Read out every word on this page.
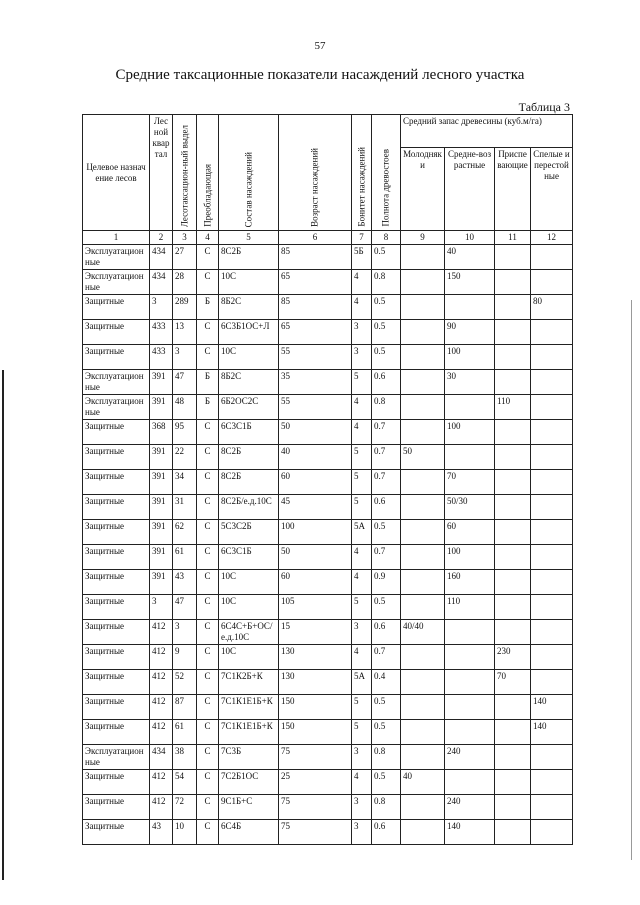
57
Средние таксационные показатели насаждений лесного участка
Таблица 3
Целевое назначение лесов	Лесной квартал	Лесотаксацион-ный выдел	Преобладающая	Состав насаждений	Возраст насаждений	Бонитет насаждений	Полнота древостоев	Средний запас древесины (куб.м/га)			
								Молодняки	Средне-возрастные	Приспевающие	Спелые и перестойные
1	2	3	4	5	6	7	8	9	10	11	12
Эксплуатационные	434	27	С	8С2Б	85	5Б	0.5		40		
Эксплуатационные	434	28	С	10С	65	4	0.8		150		
Защитные	3	289	Б	8Б2С	85	4	0.5				80
Защитные	433	13	С	6С3Б1ОС+Л	65	3	0.5		90		
Защитные	433	3	С	10С	55	3	0.5		100		
Эксплуатационные	391	47	Б	8Б2С	35	5	0.6		30		
Эксплуатационные	391	48	Б	6Б2ОС2С	55	4	0.8			110	
Защитные	368	95	С	6С3С1Б	50	4	0.7		100		
Защитные	391	22	С	8С2Б	40	5	0.7	50			
Защитные	391	34	С	8С2Б	60	5	0.7		70		
Защитные	391	31	С	8С2Б/е.д.10С	45	5	0.6		50/30		
Защитные	391	62	С	5С3С2Б	100	5А	0.5		60		
Защитные	391	61	С	6С3С1Б	50	4	0.7		100		
Защитные	391	43	С	10С	60	4	0.9		160		
Защитные	3	47	С	10С	105	5	0.5		110		
Защитные	412	3	С	6С4С+Б+ОС/е.д.10С	15	3	0.6	40/40			
Защитные	412	9	С	10С	130	4	0.7			230	
Защитные	412	52	С	7С1К2Б+К	130	5А	0.4			70	
Защитные	412	87	С	7С1К1Е1Б+К	150	5	0.5				140
Защитные	412	61	С	7С1К1Е1Б+К	150	5	0.5				140
Эксплуатационные	434	38	С	7С3Б	75	3	0.8		240		
Защитные	412	54	С	7С2Б1ОС	25	4	0.5	40			
Защитные	412	72	С	9С1Б+С	75	3	0.8		240		
Защитные	43	10	С	6С4Б	75	3	0.6		140		
